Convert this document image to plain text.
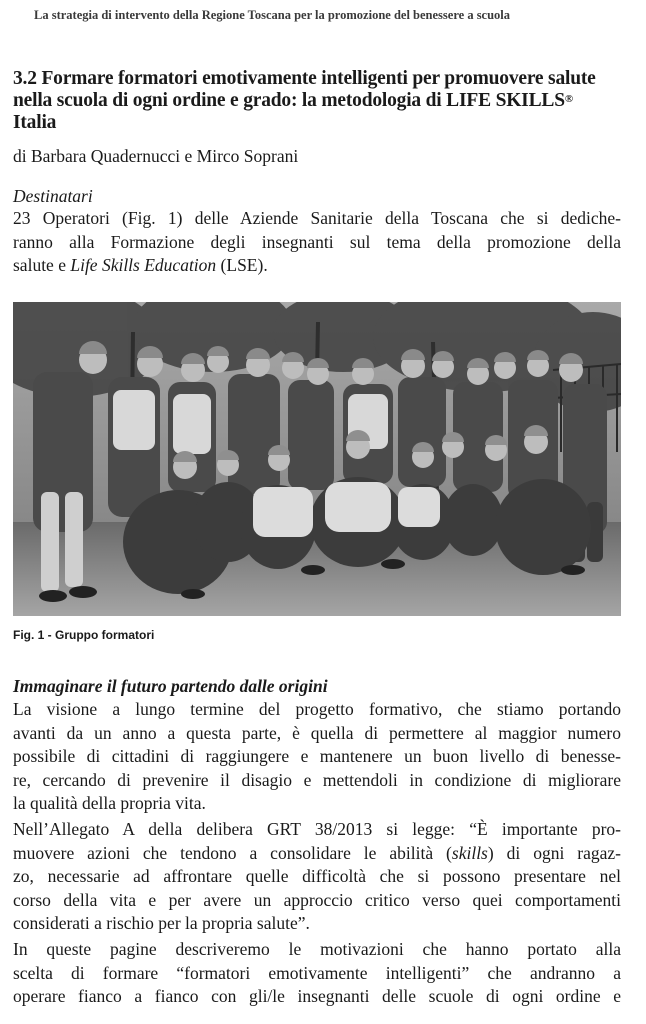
La strategia di intervento della Regione Toscana per la promozione del benessere a scuola
3.2 Formare formatori emotivamente intelligenti per promuovere salute
nella scuola di ogni ordine e grado: la metodologia di LIFE SKILLS® Italia
di Barbara Quadernucci e Mirco Soprani
Destinatari
23 Operatori (Fig. 1) delle Aziende Sanitarie della Toscana che si dediche-
ranno alla Formazione degli insegnanti sul tema della promozione della
salute e Life Skills Education (LSE).
Fig. 1 - Gruppo formatori
Immaginare il futuro partendo dalle origini
La visione a lungo termine del progetto formativo, che stiamo portando
avanti da un anno a questa parte, è quella di permettere al maggior numero
possibile di cittadini di raggiungere e mantenere un buon livello di benesse-
re, cercando di prevenire il disagio e mettendoli in condizione di migliorare
la qualità della propria vita.
Nell’Allegato A della delibera GRT 38/2013 si legge: “È importante pro-
muovere azioni che tendono a consolidare le abilità (skills) di ogni ragaz-
zo, necessarie ad affrontare quelle difficoltà che si possono presentare nel
corso della vita e per avere un approccio critico verso quei comportamenti
considerati a rischio per la propria salute”.
In queste pagine descriveremo le motivazioni che hanno portato alla
scelta di formare “formatori emotivamente intelligenti” che andranno a
operare fianco a fianco con gli/le insegnanti delle scuole di ogni ordine e
